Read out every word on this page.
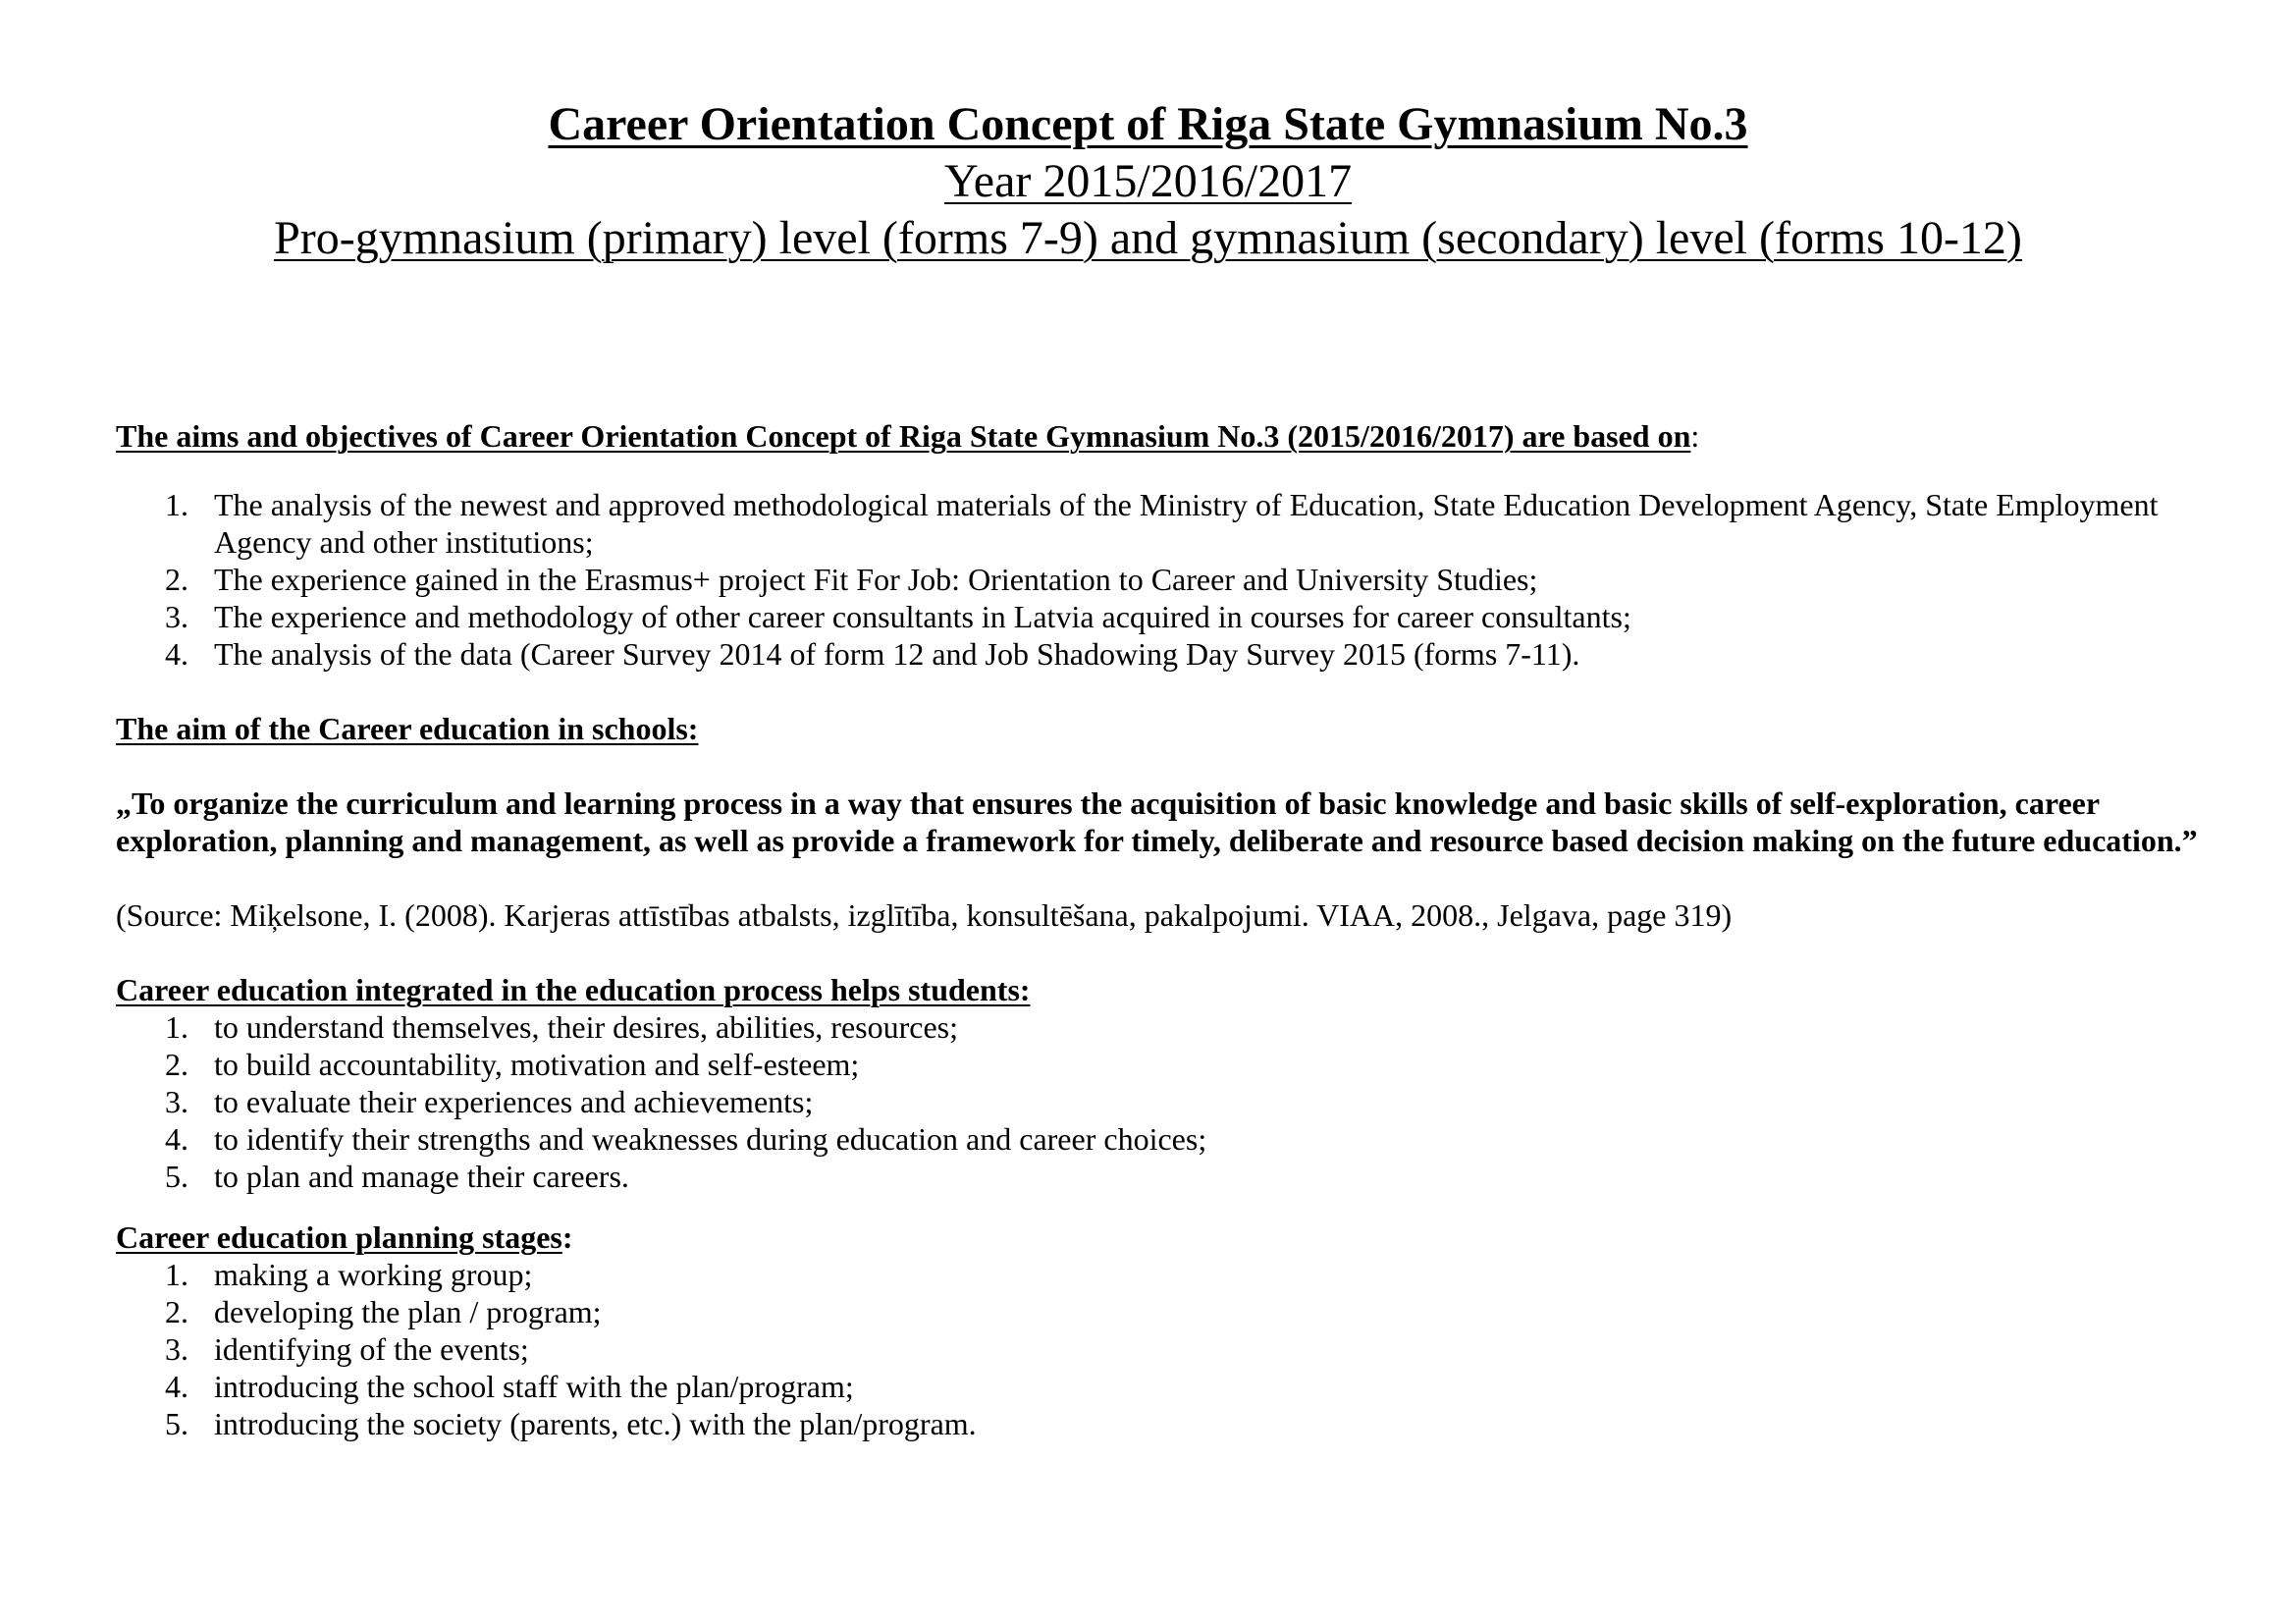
Career Orientation Concept of Riga State Gymnasium No.3
Year 2015/2016/2017
Pro-gymnasium (primary) level (forms 7-9) and gymnasium (secondary) level (forms 10-12)

The aims and objectives of Career Orientation Concept of Riga State Gymnasium No.3 (2015/2016/2017) are based on:

1. The analysis of the newest and approved methodological materials of the Ministry of Education, State Education Development Agency, State Employment Agency and other institutions;
2. The experience gained in the Erasmus+ project Fit For Job: Orientation to Career and University Studies;
3. The experience and methodology of other career consultants in Latvia acquired in courses for career consultants;
4. The analysis of the data (Career Survey 2014 of form 12 and Job Shadowing Day Survey 2015 (forms 7-11).

The aim of the Career education in schools:

„To organize the curriculum and learning process in a way that ensures the acquisition of basic knowledge and basic skills of self-exploration, career exploration, planning and management, as well as provide a framework for timely, deliberate and resource based decision making on the future education.”

(Source: Miķelsone, I. (2008). Karjeras attīstības atbalsts, izglītība, konsultēšana, pakalpojumi. VIAA, 2008., Jelgava, page 319)

Career education integrated in the education process helps students:

1. to understand themselves, their desires, abilities, resources;
2. to build accountability, motivation and self-esteem;
3. to evaluate their experiences and achievements;
4. to identify their strengths and weaknesses during education and career choices;
5. to plan and manage their careers.

Career education planning stages:

1. making a working group;
2. developing the plan / program;
3. identifying of the events;
4. introducing the school staff with the plan/program;
5. introducing the society (parents, etc.) with the plan/program.
